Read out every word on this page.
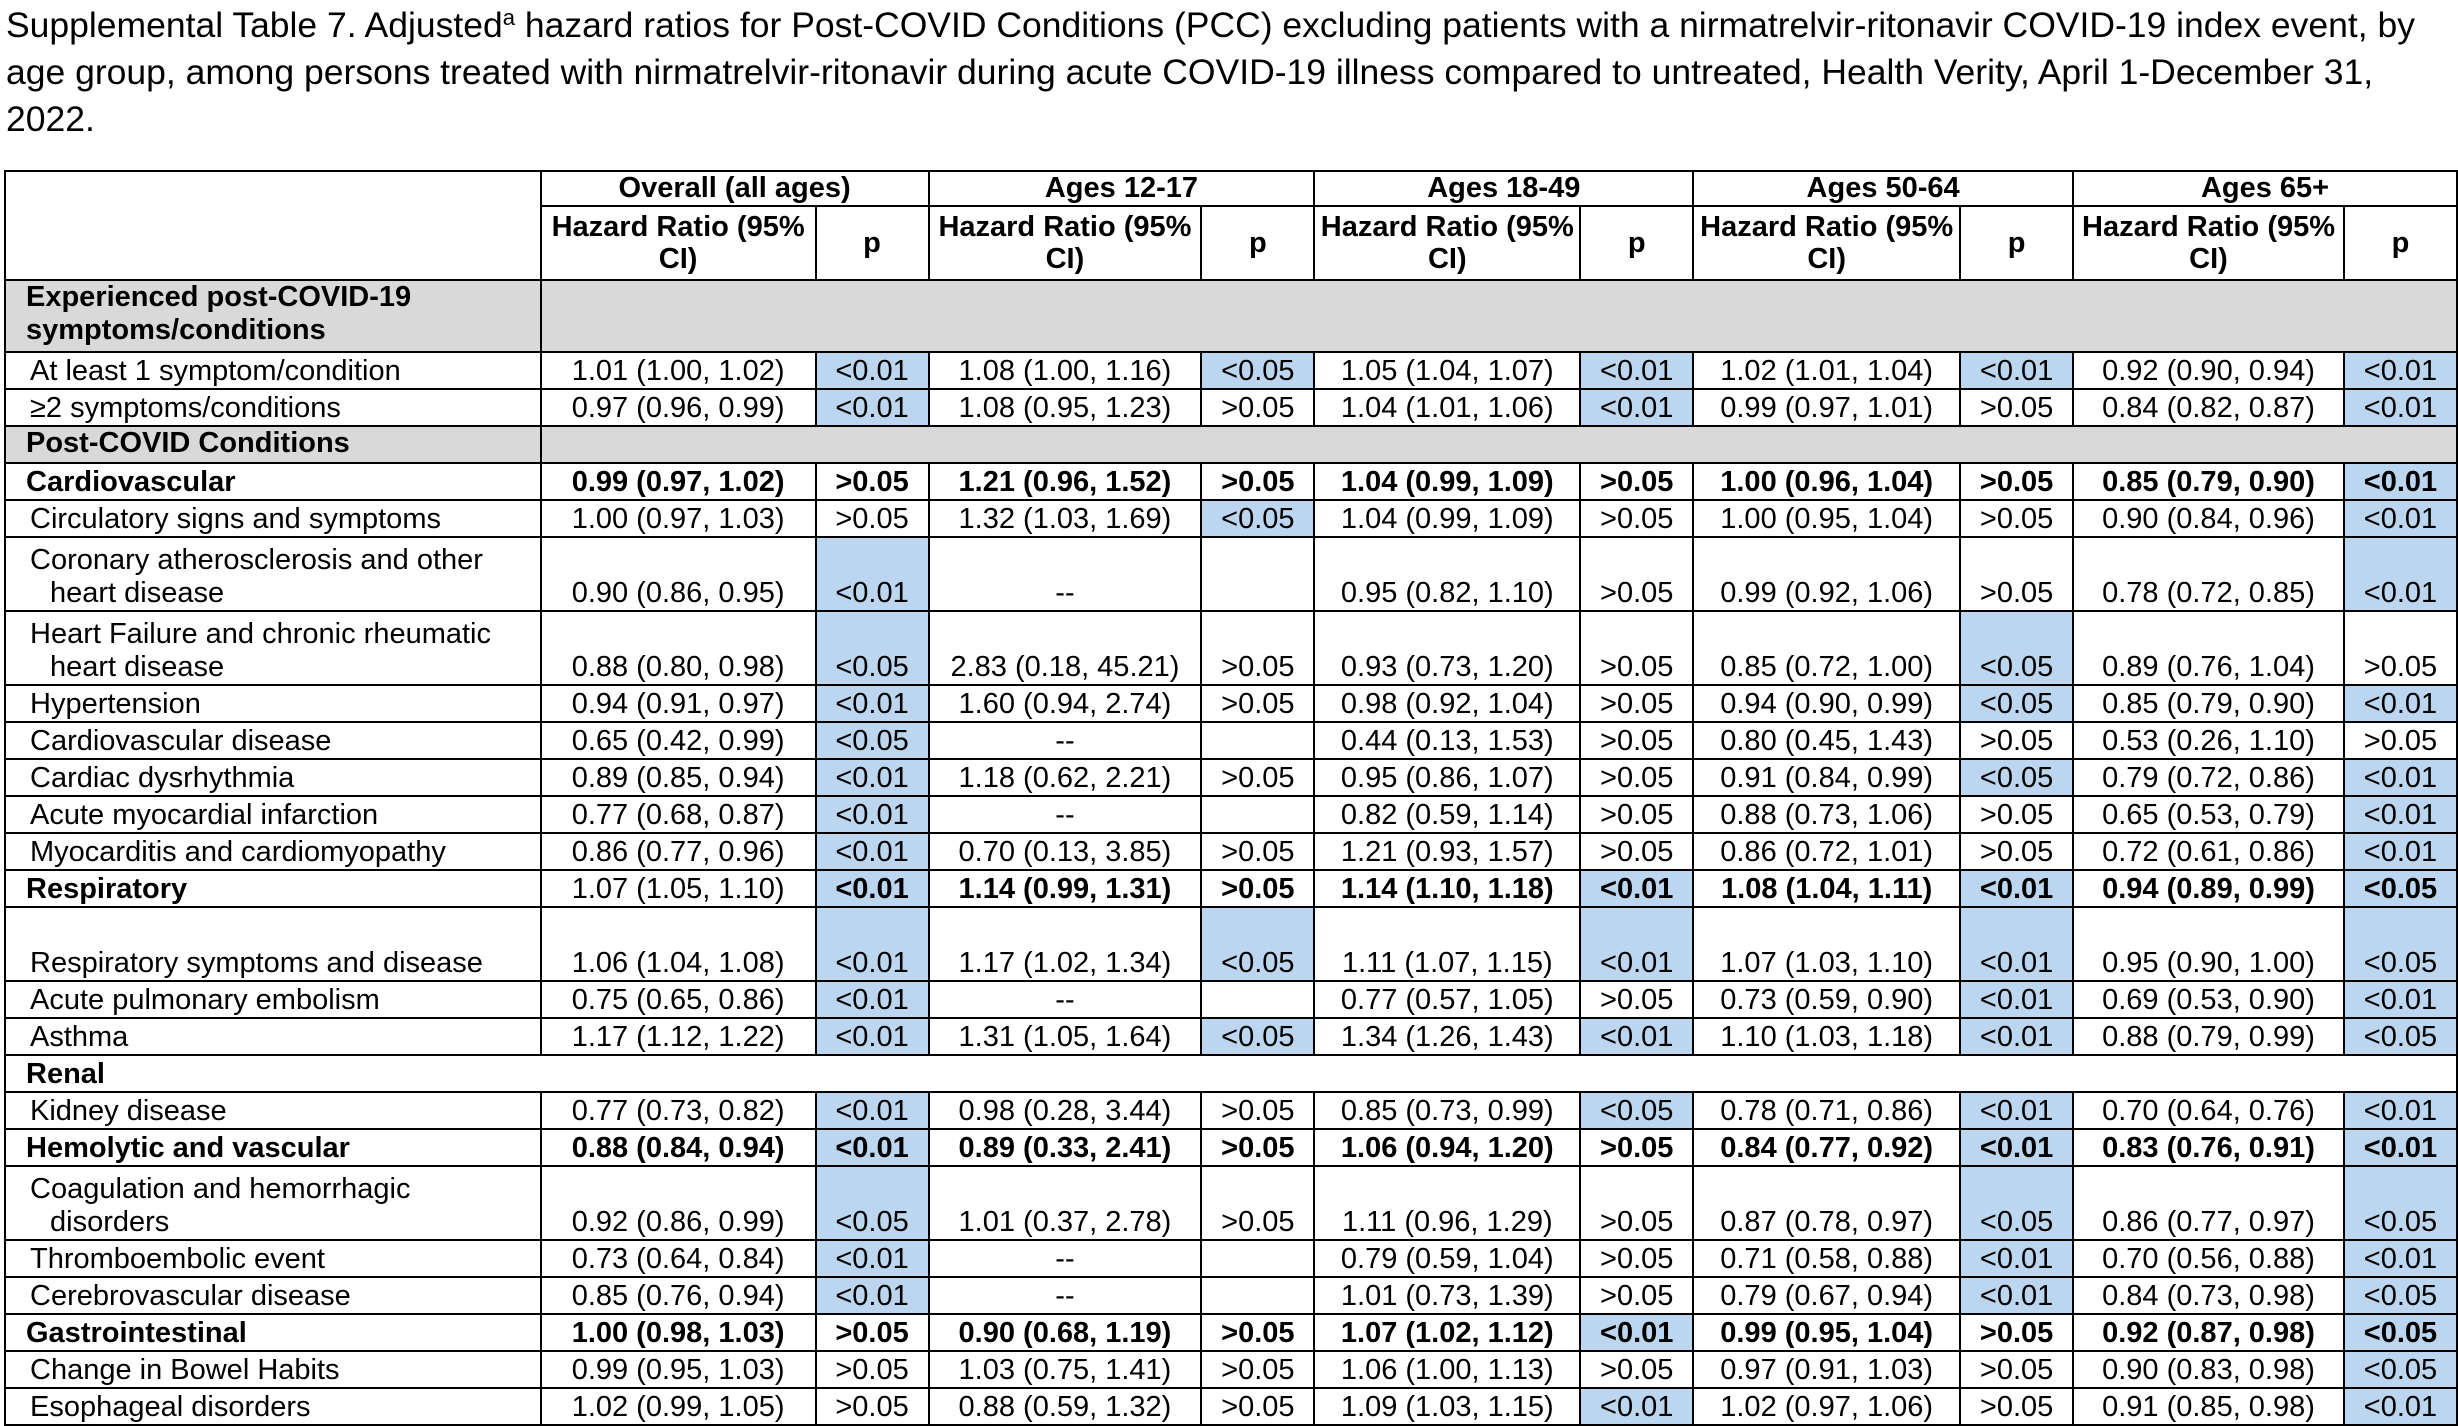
Supplemental Table 7. Adjusted$^a$ hazard ratios for Post-COVID Conditions (PCC) excluding patients with a nirmatrelvir-ritonavir COVID-19 index event, by age group, among persons treated with nirmatrelvir-ritonavir during acute COVID-19 illness compared to untreated, Health Verity, April 1-December 31, 2022.
	Overall (all ages)		Ages 12-17		Ages 18-49		Ages 50-64		Ages 65+	
	Hazard Ratio (95% CI)	p	Hazard Ratio (95% CI)	p	Hazard Ratio (95% CI)	p	Hazard Ratio (95% CI)	p	Hazard Ratio (95% CI)	p
Experienced post-COVID-19 symptoms/conditions										
At least 1 symptom/condition	1.01 (1.00, 1.02)	<0.01	1.08 (1.00, 1.16)	<0.05	1.05 (1.04, 1.07)	<0.01	1.02 (1.01, 1.04)	<0.01	0.92 (0.90, 0.94)	<0.01
≥2 symptoms/conditions	0.97 (0.96, 0.99)	<0.01	1.08 (0.95, 1.23)	>0.05	1.04 (1.01, 1.06)	<0.01	0.99 (0.97, 1.01)	>0.05	0.84 (0.82, 0.87)	<0.01
Post-COVID Conditions										
Cardiovascular	0.99 (0.97, 1.02)	>0.05	1.21 (0.96, 1.52)	>0.05	1.04 (0.99, 1.09)	>0.05	1.00 (0.96, 1.04)	>0.05	0.85 (0.79, 0.90)	<0.01
Circulatory signs and symptoms	1.00 (0.97, 1.03)	>0.05	1.32 (1.03, 1.69)	<0.05	1.04 (0.99, 1.09)	>0.05	1.00 (0.95, 1.04)	>0.05	0.90 (0.84, 0.96)	<0.01
Coronary atherosclerosis and other heart disease	0.90 (0.86, 0.95)	<0.01	--		0.95 (0.82, 1.10)	>0.05	0.99 (0.92, 1.06)	>0.05	0.78 (0.72, 0.85)	<0.01
Heart Failure and chronic rheumatic heart disease	0.88 (0.80, 0.98)	<0.05	2.83 (0.18, 45.21)	>0.05	0.93 (0.73, 1.20)	>0.05	0.85 (0.72, 1.00)	<0.05	0.89 (0.76, 1.04)	>0.05
Hypertension	0.94 (0.91, 0.97)	<0.01	1.60 (0.94, 2.74)	>0.05	0.98 (0.92, 1.04)	>0.05	0.94 (0.90, 0.99)	<0.05	0.85 (0.79, 0.90)	<0.01
Cardiovascular disease	0.65 (0.42, 0.99)	<0.05	--		0.44 (0.13, 1.53)	>0.05	0.80 (0.45, 1.43)	>0.05	0.53 (0.26, 1.10)	>0.05
Cardiac dysrhythmia	0.89 (0.85, 0.94)	<0.01	1.18 (0.62, 2.21)	>0.05	0.95 (0.86, 1.07)	>0.05	0.91 (0.84, 0.99)	<0.05	0.79 (0.72, 0.86)	<0.01
Acute myocardial infarction	0.77 (0.68, 0.87)	<0.01	--		0.82 (0.59, 1.14)	>0.05	0.88 (0.73, 1.06)	>0.05	0.65 (0.53, 0.79)	<0.01
Myocarditis and cardiomyopathy	0.86 (0.77, 0.96)	<0.01	0.70 (0.13, 3.85)	>0.05	1.21 (0.93, 1.57)	>0.05	0.86 (0.72, 1.01)	>0.05	0.72 (0.61, 0.86)	<0.01
Respiratory	1.07 (1.05, 1.10)	<0.01	1.14 (0.99, 1.31)	>0.05	1.14 (1.10, 1.18)	<0.01	1.08 (1.04, 1.11)	<0.01	0.94 (0.89, 0.99)	<0.05
Respiratory symptoms and disease	1.06 (1.04, 1.08)	<0.01	1.17 (1.02, 1.34)	<0.05	1.11 (1.07, 1.15)	<0.01	1.07 (1.03, 1.10)	<0.01	0.95 (0.90, 1.00)	<0.05
Acute pulmonary embolism	0.75 (0.65, 0.86)	<0.01	--		0.77 (0.57, 1.05)	>0.05	0.73 (0.59, 0.90)	<0.01	0.69 (0.53, 0.90)	<0.01
Asthma	1.17 (1.12, 1.22)	<0.01	1.31 (1.05, 1.64)	<0.05	1.34 (1.26, 1.43)	<0.01	1.10 (1.03, 1.18)	<0.01	0.88 (0.79, 0.99)	<0.05
Renal										
Kidney disease	0.77 (0.73, 0.82)	<0.01	0.98 (0.28, 3.44)	>0.05	0.85 (0.73, 0.99)	<0.05	0.78 (0.71, 0.86)	<0.01	0.70 (0.64, 0.76)	<0.01
Hemolytic and vascular	0.88 (0.84, 0.94)	<0.01	0.89 (0.33, 2.41)	>0.05	1.06 (0.94, 1.20)	>0.05	0.84 (0.77, 0.92)	<0.01	0.83 (0.76, 0.91)	<0.01
Coagulation and hemorrhagic disorders	0.92 (0.86, 0.99)	<0.05	1.01 (0.37, 2.78)	>0.05	1.11 (0.96, 1.29)	>0.05	0.87 (0.78, 0.97)	<0.05	0.86 (0.77, 0.97)	<0.05
Thromboembolic event	0.73 (0.64, 0.84)	<0.01	--		0.79 (0.59, 1.04)	>0.05	0.71 (0.58, 0.88)	<0.01	0.70 (0.56, 0.88)	<0.01
Cerebrovascular disease	0.85 (0.76, 0.94)	<0.01	--		1.01 (0.73, 1.39)	>0.05	0.79 (0.67, 0.94)	<0.01	0.84 (0.73, 0.98)	<0.05
Gastrointestinal	1.00 (0.98, 1.03)	>0.05	0.90 (0.68, 1.19)	>0.05	1.07 (1.02, 1.12)	<0.01	0.99 (0.95, 1.04)	>0.05	0.92 (0.87, 0.98)	<0.05
Change in Bowel Habits	0.99 (0.95, 1.03)	>0.05	1.03 (0.75, 1.41)	>0.05	1.06 (1.00, 1.13)	>0.05	0.97 (0.91, 1.03)	>0.05	0.90 (0.83, 0.98)	<0.05
Esophageal disorders	1.02 (0.99, 1.05)	>0.05	0.88 (0.59, 1.32)	>0.05	1.09 (1.03, 1.15)	<0.01	1.02 (0.97, 1.06)	>0.05	0.91 (0.85, 0.98)	<0.01
